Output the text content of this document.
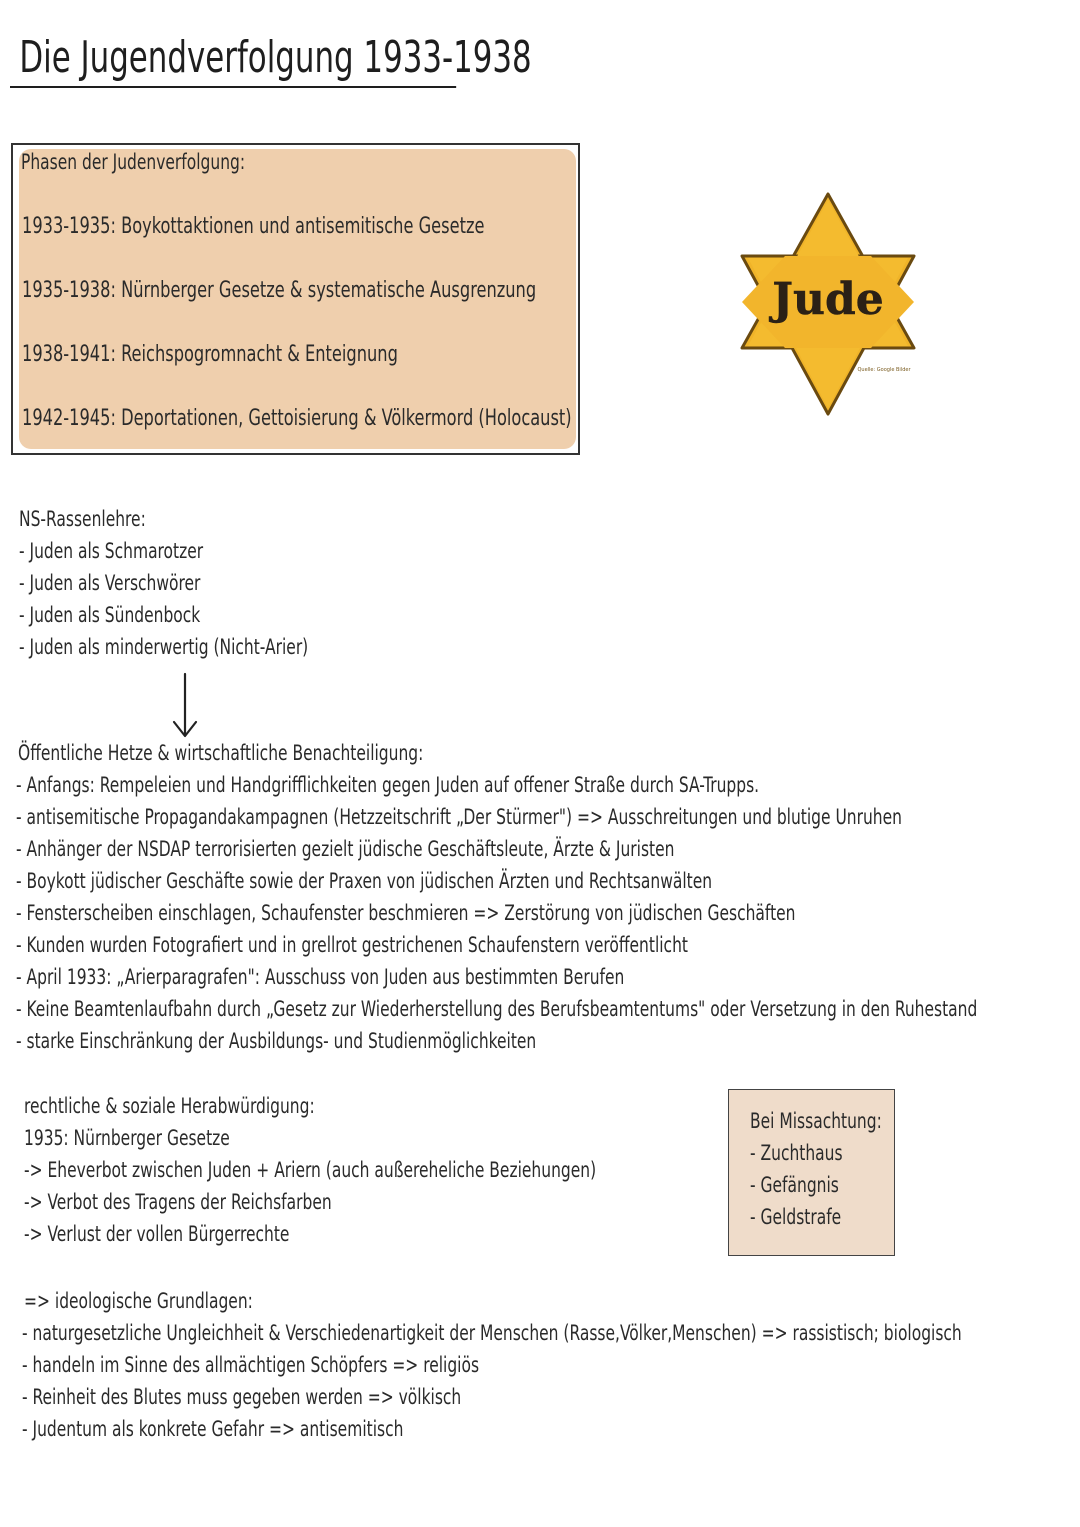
Die Jugendverfolgung 1933-1938
Phasen der Judenverfolgung:
1933-1935: Boykottaktionen und antisemitische Gesetze
1935-1938: Nürnberger Gesetze & systematische Ausgrenzung
1938-1941: Reichspogromnacht & Enteignung
1942-1945: Deportationen, Gettoisierung & Völkermord (Holocaust)
Jude
Quelle: Google Bilder
NS-Rassenlehre:
- Juden als Schmarotzer
- Juden als Verschwörer
- Juden als Sündenbock
- Juden als minderwertig (Nicht-Arier)
Öffentliche Hetze & wirtschaftliche Benachteiligung:
- Anfangs: Rempeleien und Handgrifflichkeiten gegen Juden auf offener Straße durch SA-Trupps.
- antisemitische Propagandakampagnen (Hetzzeitschrift „Der Stürmer") => Ausschreitungen und blutige Unruhen
- Anhänger der NSDAP terrorisierten gezielt jüdische Geschäftsleute, Ärzte & Juristen
- Boykott jüdischer Geschäfte sowie der Praxen von jüdischen Ärzten und Rechtsanwälten
- Fensterscheiben einschlagen, Schaufenster beschmieren => Zerstörung von jüdischen Geschäften
- Kunden wurden Fotografiert und in grellrot gestrichenen Schaufenstern veröffentlicht
- April 1933: „Arierparagrafen": Ausschuss von Juden aus bestimmten Berufen
- Keine Beamtenlaufbahn durch „Gesetz zur Wiederherstellung des Berufsbeamtentums" oder Versetzung in den Ruhestand
- starke Einschränkung der Ausbildungs- und Studienmöglichkeiten
rechtliche & soziale Herabwürdigung:
1935: Nürnberger Gesetze
-> Eheverbot zwischen Juden + Ariern (auch außereheliche Beziehungen)
-> Verbot des Tragens der Reichsfarben
-> Verlust der vollen Bürgerrechte
Bei Missachtung:
- Zuchthaus
- Gefängnis
- Geldstrafe
=> ideologische Grundlagen:
- naturgesetzliche Ungleichheit & Verschiedenartigkeit der Menschen (Rasse,Völker,Menschen) => rassistisch; biologisch
- handeln im Sinne des allmächtigen Schöpfers => religiös
- Reinheit des Blutes muss gegeben werden => völkisch
- Judentum als konkrete Gefahr => antisemitisch
